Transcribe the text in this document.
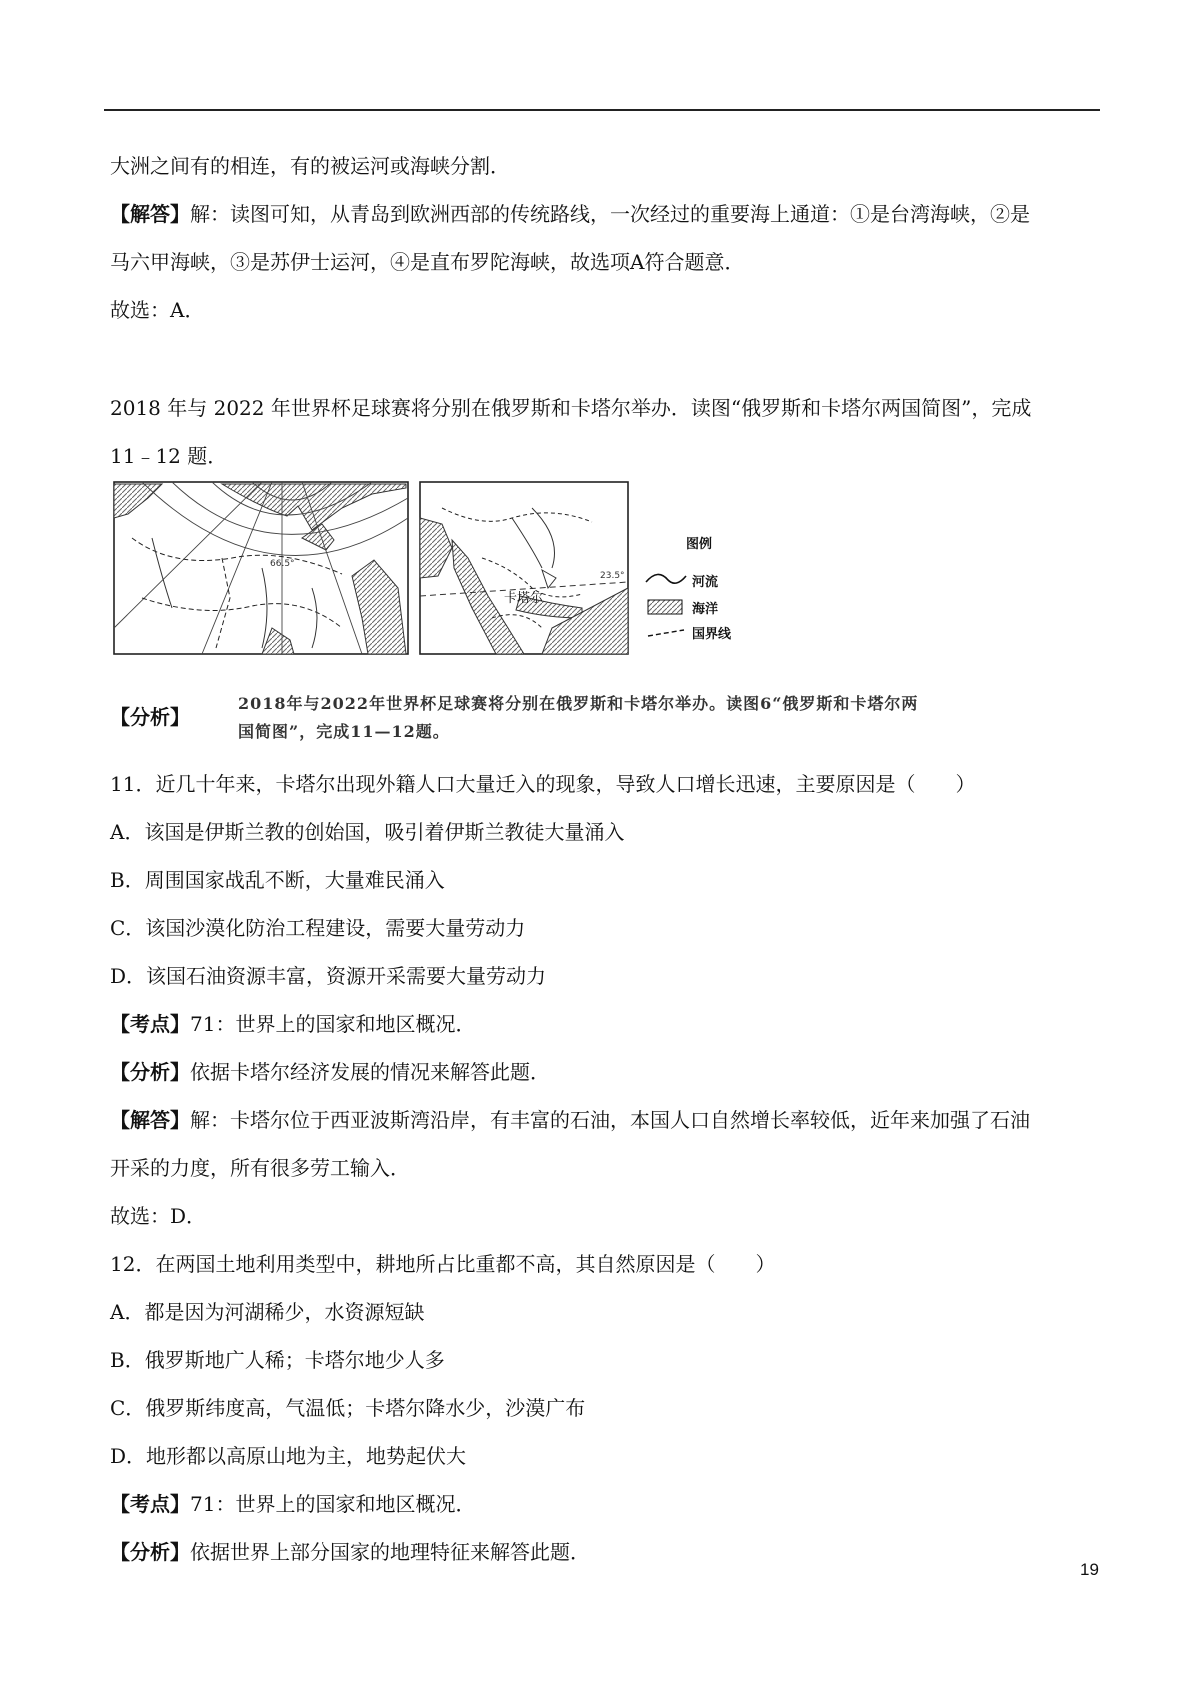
大洲之间有的相连，有的被运河或海峡分割．
【解答】解：读图可知，从青岛到欧洲西部的传统路线，一次经过的重要海上通道：①是台湾海峡，②是
马六甲海峡，③是苏伊士运河，④是直布罗陀海峡，故选项A符合题意．
故选：A．
2018 年与 2022 年世界杯足球赛将分别在俄罗斯和卡塔尔举办．读图“俄罗斯和卡塔尔两国简图”，完成
11﹣12 题．
【分析】
11．近几十年来，卡塔尔出现外籍人口大量迁入的现象，导致人口增长迅速，主要原因是（　　）
A．该国是伊斯兰教的创始国，吸引着伊斯兰教徒大量涌入
B．周围国家战乱不断，大量难民涌入
C．该国沙漠化防治工程建设，需要大量劳动力
D．该国石油资源丰富，资源开采需要大量劳动力
【考点】71：世界上的国家和地区概况．
【分析】依据卡塔尔经济发展的情况来解答此题．
【解答】解：卡塔尔位于西亚波斯湾沿岸，有丰富的石油，本国人口自然增长率较低，近年来加强了石油
开采的力度，所有很多劳工输入．
故选：D．
12．在两国土地利用类型中，耕地所占比重都不高，其自然原因是（　　）
A．都是因为河湖稀少，水资源短缺
B．俄罗斯地广人稀；卡塔尔地少人多
C．俄罗斯纬度高，气温低；卡塔尔降水少，沙漠广布
D．地形都以高原山地为主，地势起伏大
【考点】71：世界上的国家和地区概况．
【分析】依据世界上部分国家的地理特征来解答此题．
66.5°
23.5°
卡塔尔
图例
河流
海洋
国界线
2018年与2022年世界杯足球赛将分别在俄罗斯和卡塔尔举办。读图6“俄罗斯和卡塔尔两
国简图”，完成11—12题。
19
